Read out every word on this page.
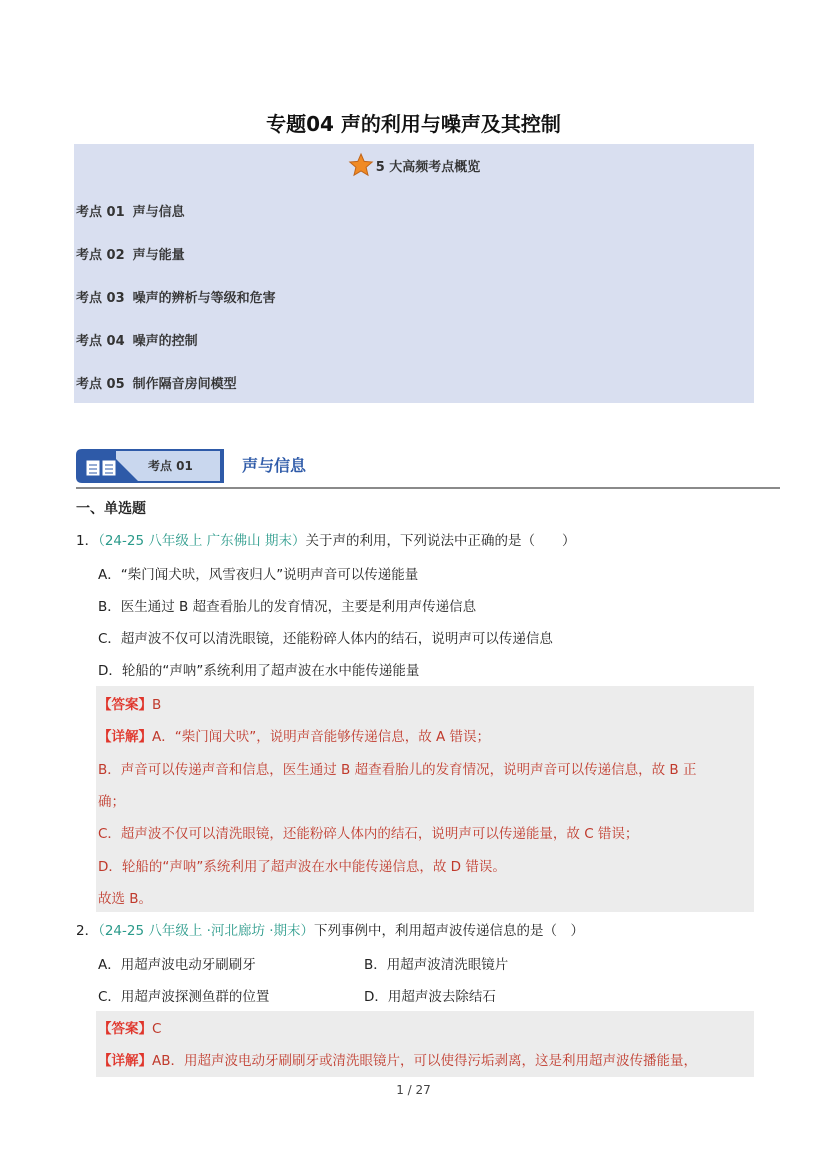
专题04 声的利用与噪声及其控制
5 大高频考点概览
考点 01 声与信息
考点 02 声与能量
考点 03 噪声的辨析与等级和危害
考点 04 噪声的控制
考点 05 制作隔音房间模型
考点 01	声与信息
一、单选题
1．（24-25 八年级上 广东佛山 期末）关于声的利用，下列说法中正确的是（　　）
A．“柴门闻犬吠，风雪夜归人”说明声音可以传递能量
B．医生通过 B 超查看胎儿的发育情况，主要是利用声传递信息
C．超声波不仅可以清洗眼镜，还能粉碎人体内的结石，说明声可以传递信息
D．轮船的“声呐”系统利用了超声波在水中能传递能量
【答案】B
【详解】A．“柴门闻犬吠”，说明声音能够传递信息，故 A 错误；
B．声音可以传递声音和信息，医生通过 B 超查看胎儿的发育情况，说明声音可以传递信息，故 B 正
确；
C．超声波不仅可以清洗眼镜，还能粉碎人体内的结石，说明声可以传递能量，故 C 错误；
D．轮船的“声呐”系统利用了超声波在水中能传递信息，故 D 错误。
故选 B。
2．（24-25 八年级上 ·河北廊坊 ·期末）下列事例中，利用超声波传递信息的是（　）
A．用超声波电动牙刷刷牙	B．用超声波清洗眼镜片
C．用超声波探测鱼群的位置	D．用超声波去除结石
【答案】C
【详解】AB．用超声波电动牙刷刷牙或清洗眼镜片，可以使得污垢剥离，这是利用超声波传播能量，
1 / 27
